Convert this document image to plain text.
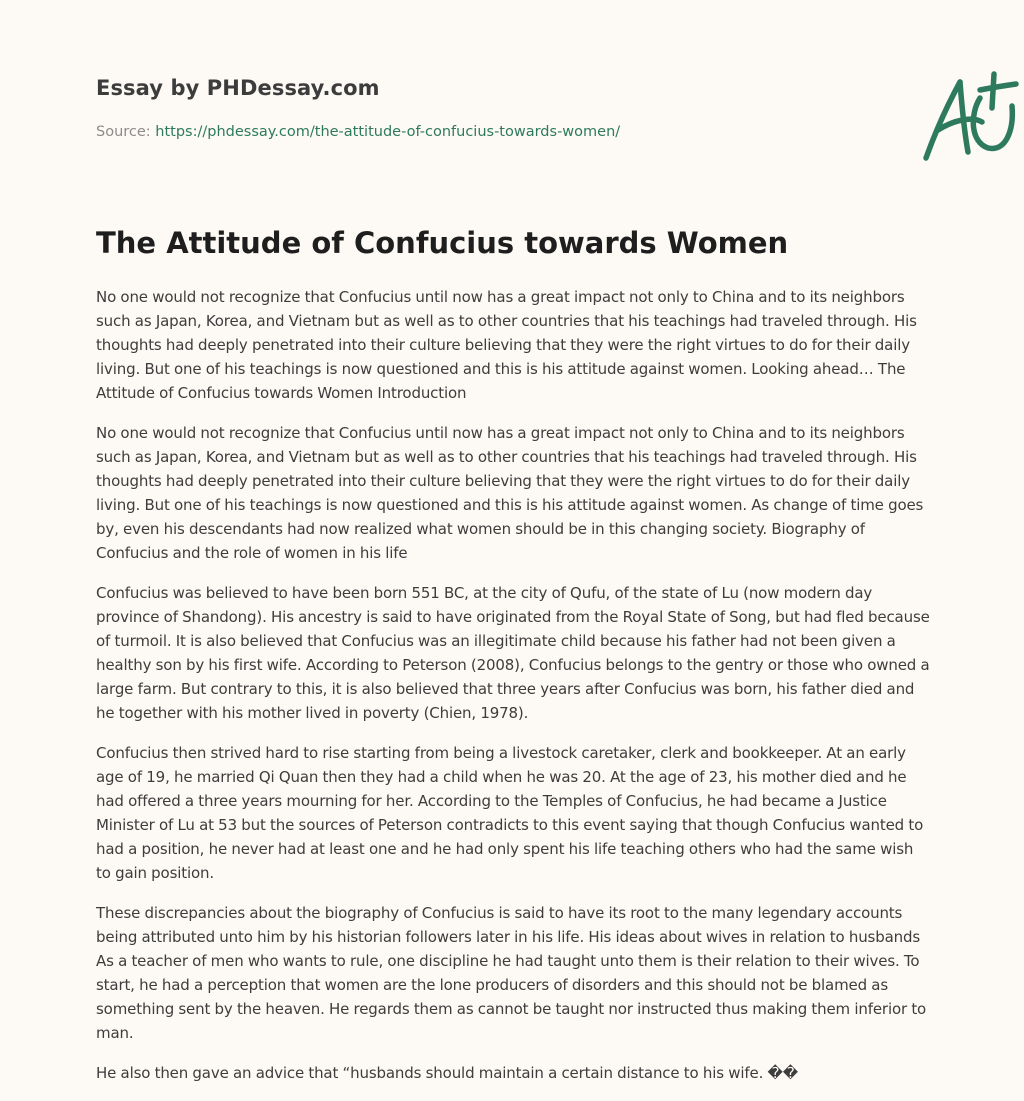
Essay by PHDessay.com
Source: https://phdessay.com/the-attitude-of-confucius-towards-women/
The Attitude of Confucius towards Women

No one would not recognize that Confucius until now has a great impact not only to China and to its neighbors such as Japan, Korea, and Vietnam but as well as to other countries that his teachings had traveled through. His thoughts had deeply penetrated into their culture believing that they were the right virtues to do for their daily living. But one of his teachings is now questioned and this is his attitude against women. Looking ahead… The Attitude of Confucius towards Women Introduction

No one would not recognize that Confucius until now has a great impact not only to China and to its neighbors such as Japan, Korea, and Vietnam but as well as to other countries that his teachings had traveled through. His thoughts had deeply penetrated into their culture believing that they were the right virtues to do for their daily living. But one of his teachings is now questioned and this is his attitude against women. As change of time goes by, even his descendants had now realized what women should be in this changing society. Biography of Confucius and the role of women in his life

Confucius was believed to have been born 551 BC, at the city of Qufu, of the state of Lu (now modern day province of Shandong). His ancestry is said to have originated from the Royal State of Song, but had fled because of turmoil. It is also believed that Confucius was an illegitimate child because his father had not been given a healthy son by his first wife. According to Peterson (2008), Confucius belongs to the gentry or those who owned a large farm. But contrary to this, it is also believed that three years after Confucius was born, his father died and he together with his mother lived in poverty (Chien, 1978).

Confucius then strived hard to rise starting from being a livestock caretaker, clerk and bookkeeper. At an early age of 19, he married Qi Quan then they had a child when he was 20. At the age of 23, his mother died and he had offered a three years mourning for her. According to the Temples of Confucius, he had became a Justice Minister of Lu at 53 but the sources of Peterson contradicts to this event saying that though Confucius wanted to had a position, he never had at least one and he had only spent his life teaching others who had the same wish to gain position.

These discrepancies about the biography of Confucius is said to have its root to the many legendary accounts being attributed unto him by his historian followers later in his life. His ideas about wives in relation to husbands As a teacher of men who wants to rule, one discipline he had taught unto them is their relation to their wives. To start, he had a perception that women are the lone producers of disorders and this should not be blamed as something sent by the heaven. He regards them as cannot be taught nor instructed thus making them inferior to man.

He also then gave an advice that “husbands should maintain a certain distance to his wife. ��
